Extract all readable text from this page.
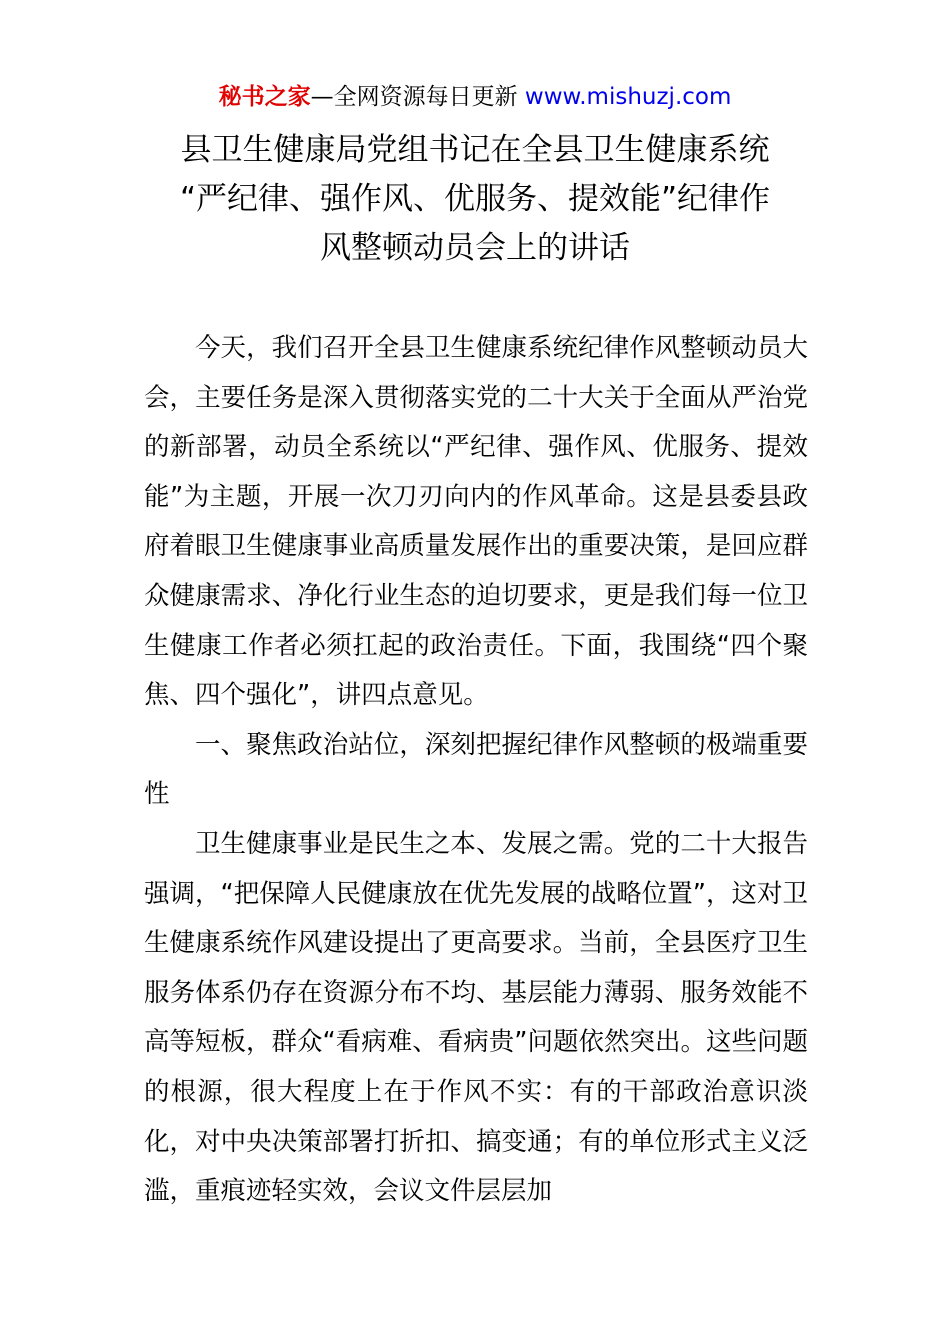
秘书之家—全网资源每日更新 www.mishuzj.com
县卫生健康局党组书记在全县卫生健康系统
“严纪律、强作风、优服务、提效能”纪律作
风整顿动员会上的讲话

今天，我们召开全县卫生健康系统纪律作风整顿动员大会，主要任务是深入贯彻落实党的二十大关于全面从严治党的新部署，动员全系统以“严纪律、强作风、优服务、提效能”为主题，开展一次刀刃向内的作风革命。这是县委县政府着眼卫生健康事业高质量发展作出的重要决策，是回应群众健康需求、净化行业生态的迫切要求，更是我们每一位卫生健康工作者必须扛起的政治责任。下面，我围绕“四个聚焦、四个强化”，讲四点意见。

一、聚焦政治站位，深刻把握纪律作风整顿的极端重要性

卫生健康事业是民生之本、发展之需。党的二十大报告强调，“把保障人民健康放在优先发展的战略位置”，这对卫生健康系统作风建设提出了更高要求。当前，全县医疗卫生服务体系仍存在资源分布不均、基层能力薄弱、服务效能不高等短板，群众“看病难、看病贵”问题依然突出。这些问题的根源，很大程度上在于作风不实：有的干部政治意识淡化，对中央决策部署打折扣、搞变通；有的单位形式主义泛滥，重痕迹轻实效，会议文件层层加
